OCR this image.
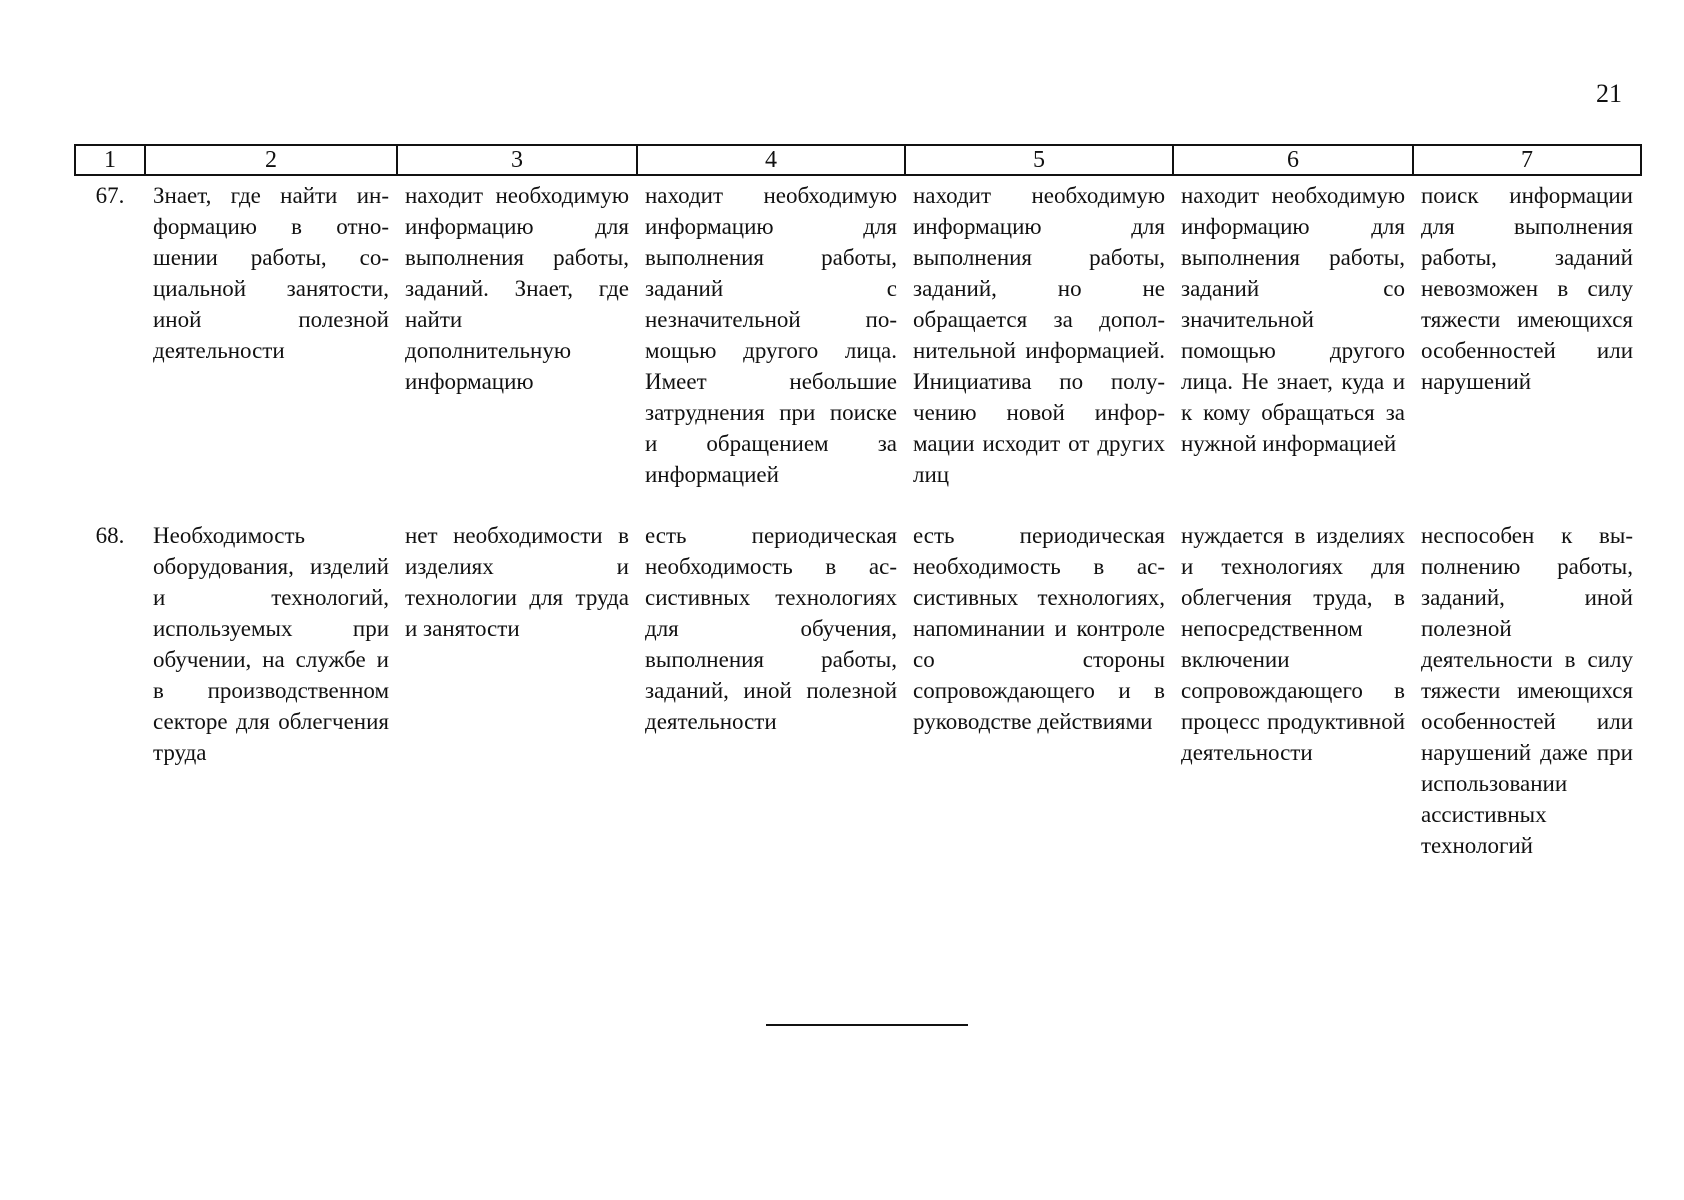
21
1	2	3	4	5	6	7
67.	Знает, где найти информацию в отношении работы, социальной занятости, иной полезной деятельности	находит необходимую информацию для выполнения работы, заданий. Знает, где найти дополнительную информацию	находит необходимую информацию для выполнения работы, заданий с незначительной помощью другого лица. Имеет небольшие затруднения при поиске и обращением за информацией	находит необходимую информацию для выполнения работы, заданий, но не обращается за дополнительной информацией. Инициатива по получению новой информации исходит от других лиц	находит необходимую информацию для выполнения работы, заданий со значительной помощью другого лица. Не знает, куда и к кому обращаться за нужной информацией	поиск информации для выполнения работы, заданий невозможен в силу тяжести имеющихся особенностей или нарушений
68.	Необходимость оборудования, изделий и технологий, используемых при обучении, на службе и в производственном секторе для облегчения труда	нет необходимости в изделиях и технологии для труда и занятости	есть периодическая необходимость в ассистивных технологиях для обучения, выполнения работы, заданий, иной полезной деятельности	есть периодическая необходимость в ассистивных технологиях, напоминании и контроле со стороны сопровождающего и в руководстве действиями	нуждается в изделиях и технологиях для облегчения труда, в непосредственном включении сопровождающего в процесс продуктивной деятельности	неспособен к выполнению работы, заданий, иной полезной деятельности в силу тяжести имеющихся особенностей или нарушений даже при использовании ассистивных технологий
